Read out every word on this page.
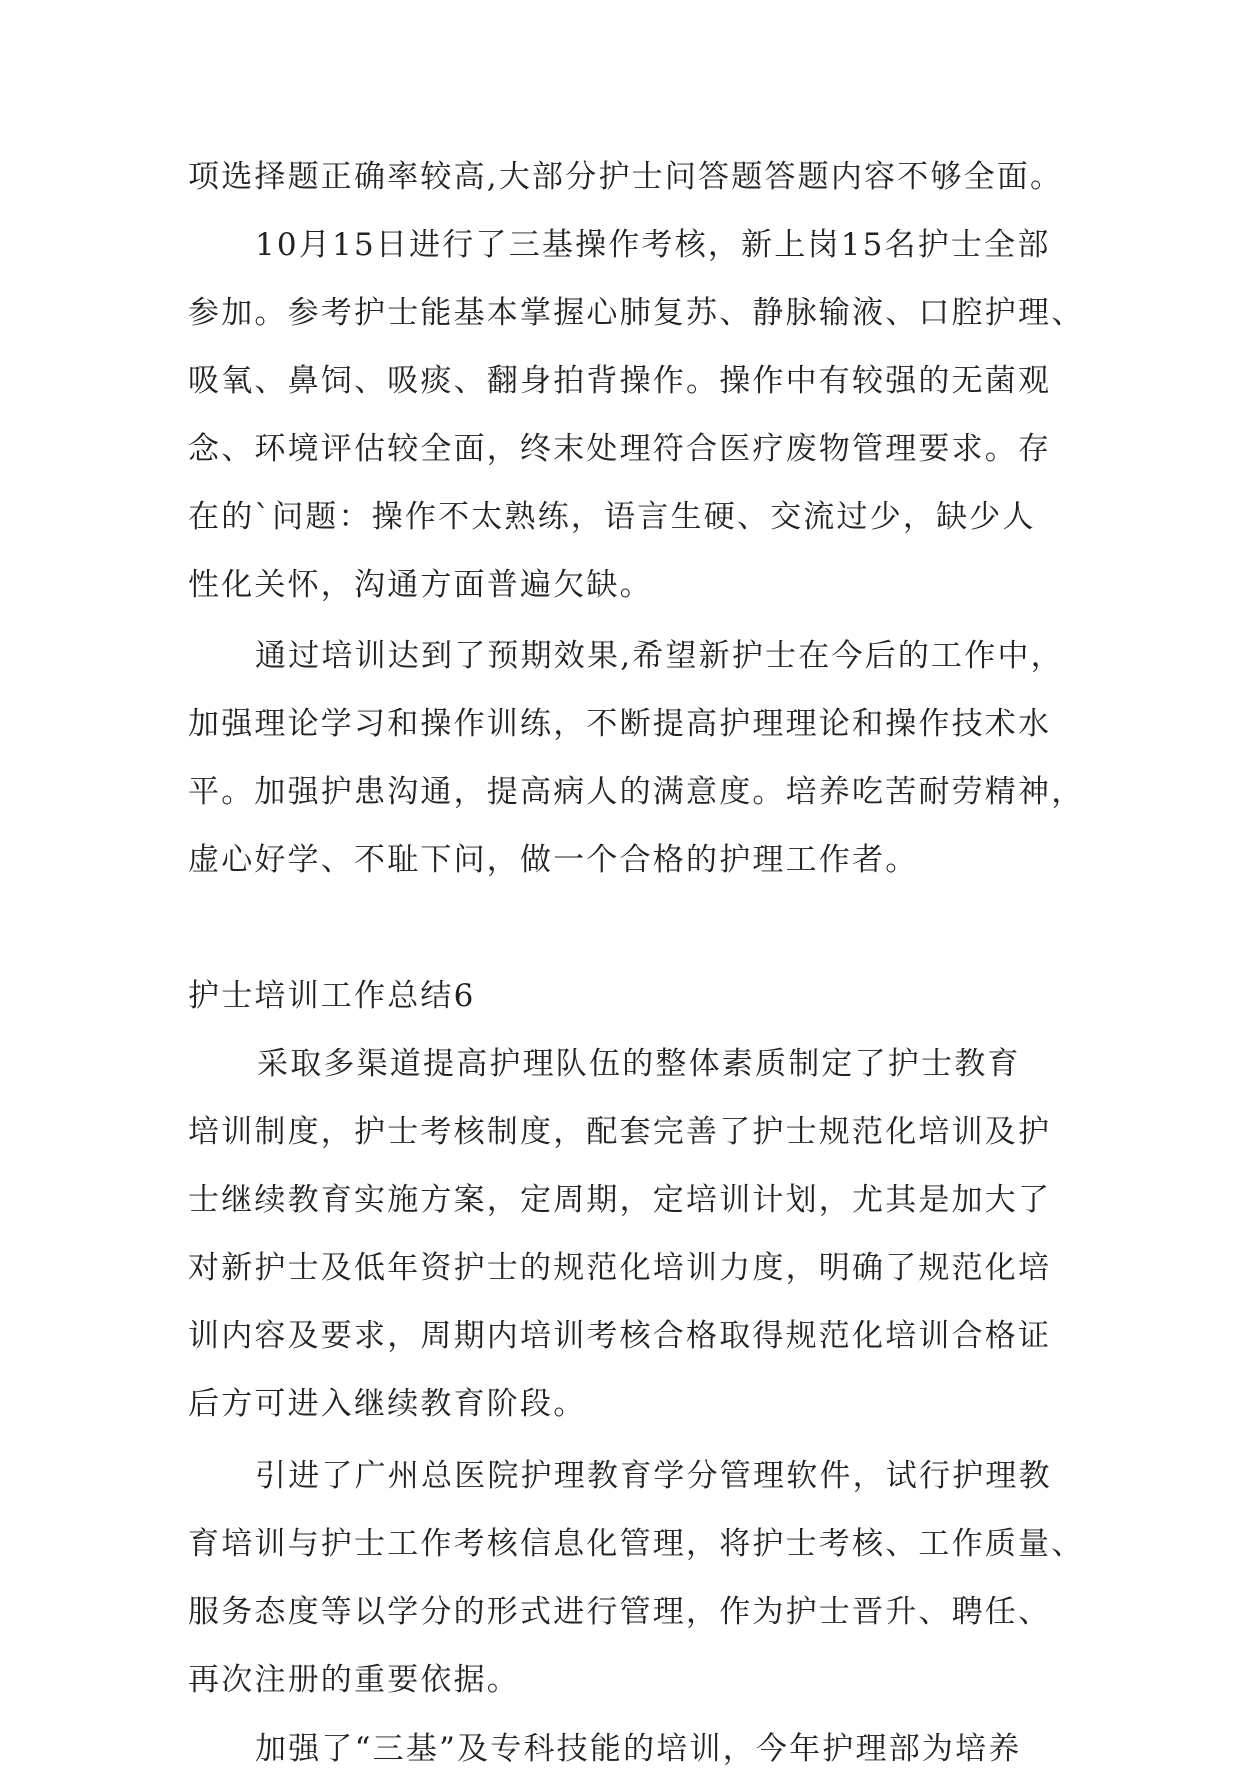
项选择题正确率较高,大部分护士问答题答题内容不够全面。
10月15日进行了三基操作考核，新上岗15名护士全部
参加。参考护士能基本掌握心肺复苏、静脉输液、口腔护理、
吸氧、鼻饲、吸痰、翻身拍背操作。操作中有较强的无菌观
念、环境评估较全面，终末处理符合医疗废物管理要求。存
在的`问题：操作不太熟练，语言生硬、交流过少，缺少人
性化关怀，沟通方面普遍欠缺。
通过培训达到了预期效果,希望新护士在今后的工作中，
加强理论学习和操作训练，不断提高护理理论和操作技术水
平。加强护患沟通，提高病人的满意度。培养吃苦耐劳精神，
虚心好学、不耻下问，做一个合格的护理工作者。
护士培训工作总结6
采取多渠道提高护理队伍的整体素质制定了护士教育
培训制度，护士考核制度，配套完善了护士规范化培训及护
士继续教育实施方案，定周期，定培训计划，尤其是加大了
对新护士及低年资护士的规范化培训力度，明确了规范化培
训内容及要求，周期内培训考核合格取得规范化培训合格证
后方可进入继续教育阶段。
引进了广州总医院护理教育学分管理软件，试行护理教
育培训与护士工作考核信息化管理，将护士考核、工作质量、
服务态度等以学分的形式进行管理，作为护士晋升、聘任、
再次注册的重要依据。
加强了“三基”及专科技能的培训，今年护理部为培养
